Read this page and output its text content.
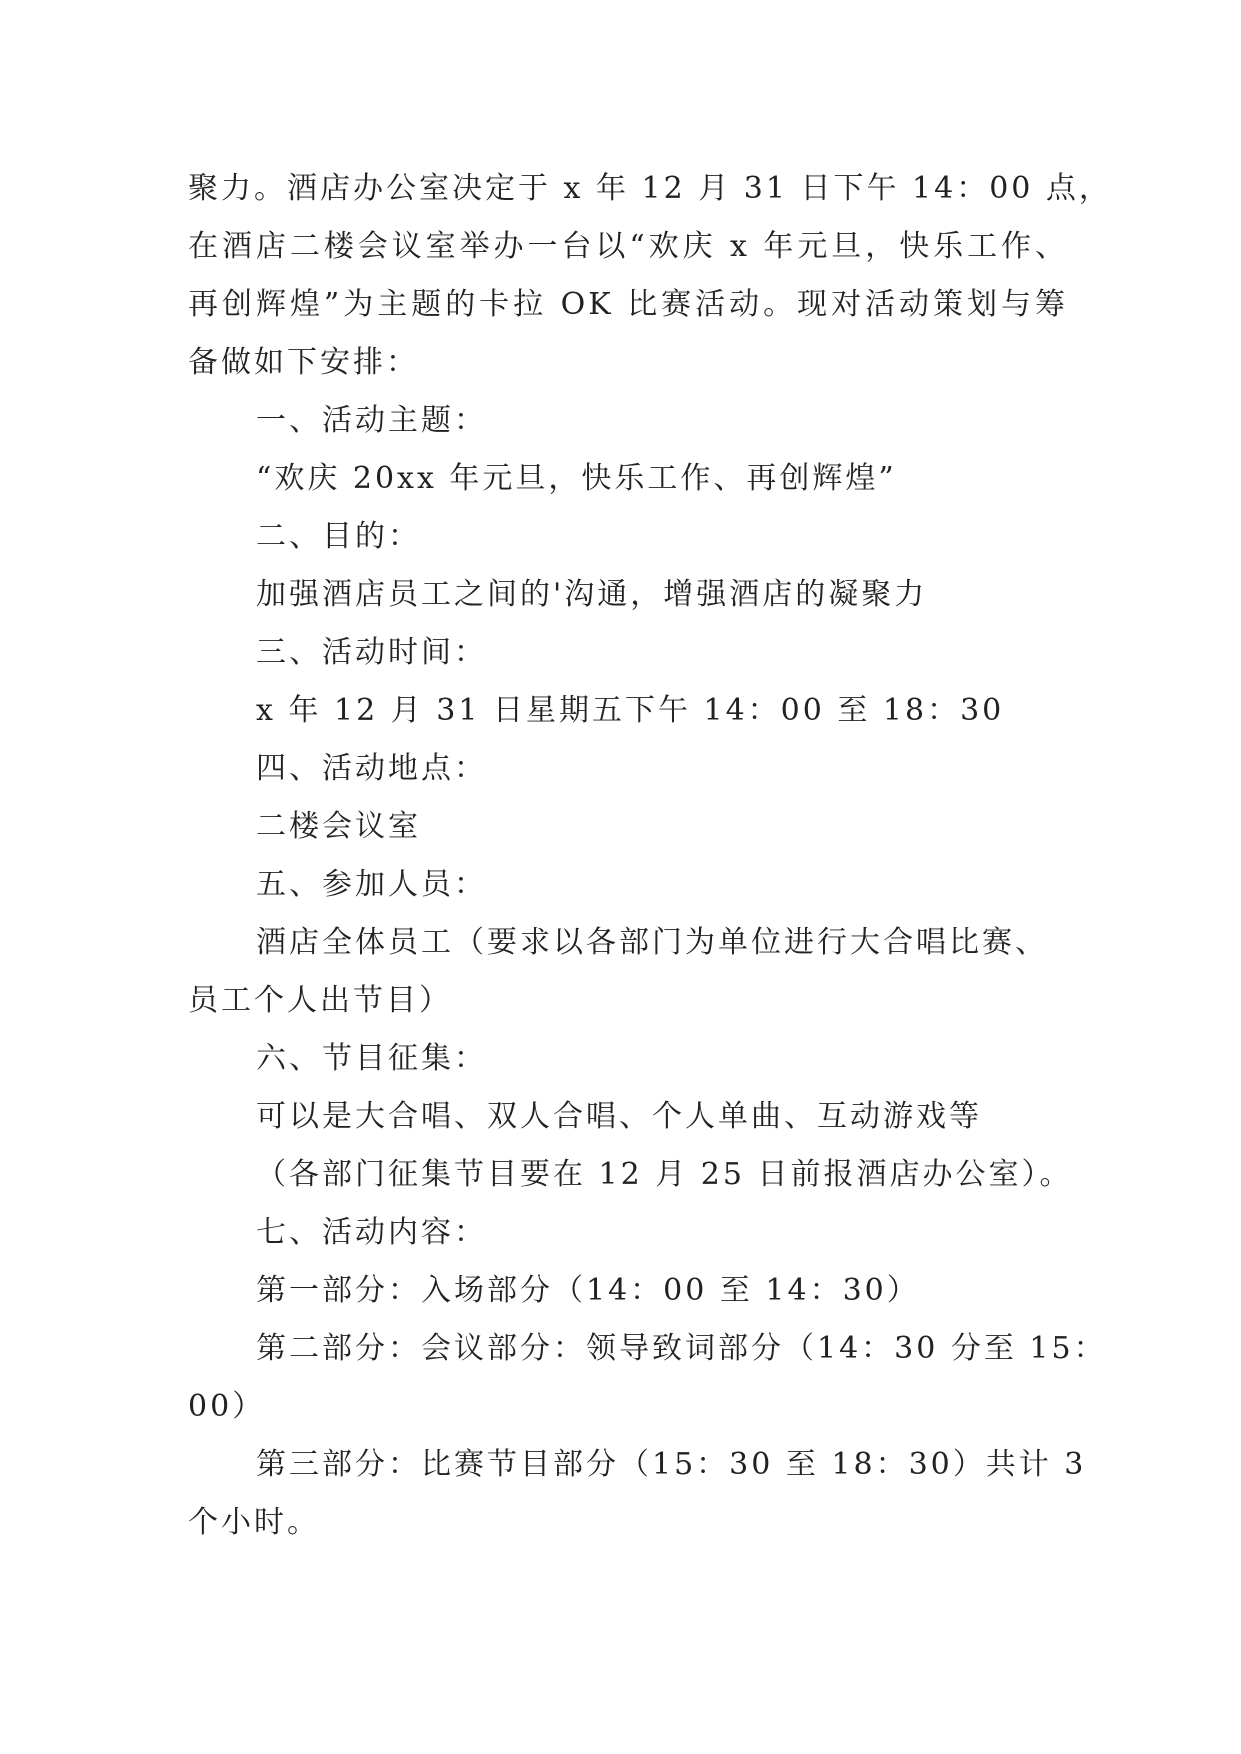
聚力。酒店办公室决定于 x 年 12 月 31 日下午 14：00 点，
在酒店二楼会议室举办一台以“欢庆 x 年元旦，快乐工作、
再创辉煌”为主题的卡拉 OK 比赛活动。现对活动策划与筹
备做如下安排：
一、活动主题：
“欢庆 20xx 年元旦，快乐工作、再创辉煌”
二、目的：
加强酒店员工之间的'沟通，增强酒店的凝聚力
三、活动时间：
x 年 12 月 31 日星期五下午 14：00 至 18：30
四、活动地点：
二楼会议室
五、参加人员：
酒店全体员工（要求以各部门为单位进行大合唱比赛、
员工个人出节目）
六、节目征集：
可以是大合唱、双人合唱、个人单曲、互动游戏等
（各部门征集节目要在 12 月 25 日前报酒店办公室）。
七、活动内容：
第一部分：入场部分（14：00 至 14：30）
第二部分：会议部分：领导致词部分（14：30 分至 15：
00）
第三部分：比赛节目部分（15：30 至 18：30）共计 3
个小时。
